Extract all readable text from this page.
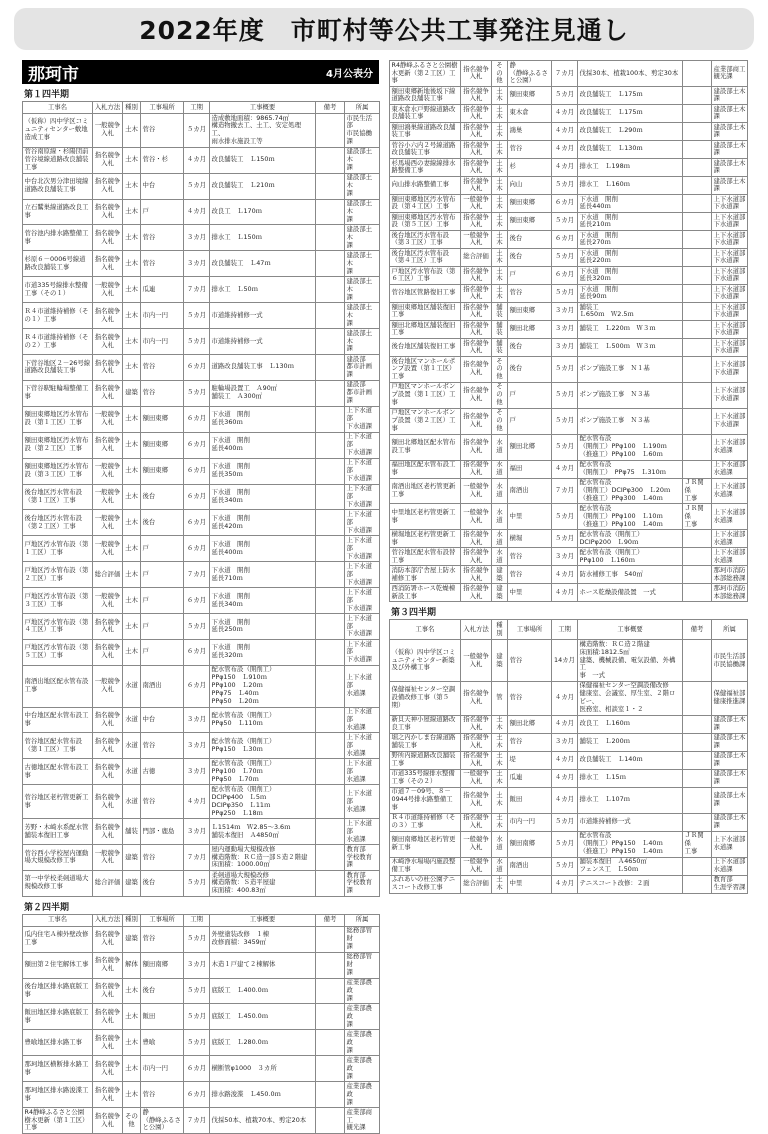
2022年度　市町村等公共工事発注見通し
那珂市	4月公表分
第１四半期
工事名	入札方法	種別	工事場所	工期	工事概要	備考	所属
（仮称）四中学区コミュニティセンター敷地造成工事	一般競争
入札	土木	菅谷	５カ月	造成敷地面積：9865.74㎡
構造物撤去工、土工、安定処理工、
雨水排水施設工等		市民生活部
市民協働課
菅谷南原線・杉陽団前菅谷境線道路改良舗装工事	指名競争
入札	土木	菅谷・杉	４カ月	改良舗装工　Ｌ150ｍ		建設部土木
課
中台北次男分津田境線道路改良舗装工事	指名競争
入札	土木	中台	５カ月	改良舗装工　Ｌ210ｍ		建設部土木
課
立石鷲巣線道路改良工事	指名競争
入札	土木	戸	４カ月	改良工　Ｌ170ｍ		建設部土木
課
菅谷池内排水路整備工事	指名競争
入札	土木	菅谷	３カ月	排水工　Ｌ150ｍ		建設部土木
課
杉原６－0006号線道路改良舗装工事	指名競争
入札	土木	菅谷	３カ月	改良舗装工　Ｌ47ｍ		建設部土木
課
市道335号線排水整備工事（その１）	一般競争
入札	土木	瓜連	７カ月	排水工　Ｌ50ｍ		建設部土木
課
Ｒ４市道維持補修（その１）工事	指名競争
入札	土木	市内一円	５カ月	市道維持補修一式		建設部土木
課
Ｒ４市道維持補修（その２）工事	指名競争
入札	土木	市内一円	５カ月	市道維持補修一式		建設部土木
課
下菅谷地区２－26号線道路改良舗装工事	指名競争
入札	土木	菅谷	６カ月	道路改良舗装工事　Ｌ130ｍ		建設部
都市計画課
下菅谷駅駐輪場整備工事	指名競争
入札	建築	菅谷	５カ月	駐輪場設置工　Ａ90㎡
舗装工　Ａ300㎡		建設部
都市計画課
額田東郷地区汚水管布設（第１工区）工事	一般競争
入札	土木	額田東郷	６カ月	下水道　開削
延長360ｍ		上下水道部
下水道課
額田東郷地区汚水管布設（第２工区）工事	指名競争
入札	土木	額田東郷	６カ月	下水道　開削
延長400ｍ		上下水道部
下水道課
額田東郷地区汚水管布設（第３工区）工事	一般競争
入札	土木	額田東郷	６カ月	下水道　開削
延長350ｍ		上下水道部
下水道課
後台地区汚水管布設（第１工区）工事	一般競争
入札	土木	後台	６カ月	下水道　開削
延長340ｍ		上下水道部
下水道課
後台地区汚水管布設（第２工区）工事	一般競争
入札	土木	後台	６カ月	下水道　開削
延長420ｍ		上下水道部
下水道課
戸地区汚水管布設（第１工区）工事	一般競争
入札	土木	戸	６カ月	下水道　開削
延長400ｍ		上下水道部
下水道課
戸地区汚水管布設（第２工区）工事	総合評価	土木	戸	７カ月	下水道　開削
延長710ｍ		上下水道部
下水道課
戸地区汚水管布設（第３工区）工事	一般競争
入札	土木	戸	６カ月	下水道　開削
延長340ｍ		上下水道部
下水道課
戸地区汚水管布設（第４工区）工事	指名競争
入札	土木	戸	５カ月	下水道　開削
延長250ｍ		上下水道部
下水道課
戸地区汚水管布設（第５工区）工事	指名競争
入札	土木	戸	６カ月	下水道　開削
延長320ｍ		上下水道部
下水道課
南酒出地区配水管布設工事	一般競争
入札	水道	南酒出	６カ月	配水管布設（開削工）
PPφ150　Ｌ910ｍ
PPφ100　Ｌ20ｍ
PPφ75　Ｌ40ｍ
PPφ50　Ｌ20ｍ		上下水道部
水道課
中台地区配水管布設工事	指名競争
入札	水道	中台	３カ月	配水管布設（開削工）
PPφ50　Ｌ110ｍ		上下水道部
水道課
菅谷地区配水管布設（第１工区）工事	指名競争
入札	水道	菅谷	３カ月	配水管布設（開削工）
PPφ150　Ｌ30ｍ		上下水道部
水道課
古徳地区配水管布設工事	指名競争
入札	水道	古徳	３カ月	配水管布設（開削工）
PPφ100　Ｌ70ｍ
PPφ50　Ｌ70ｍ		上下水道部
水道課
菅谷地区老朽管更新工事	指名競争
入札	水道	菅谷	４カ月	配水管布設（開削工）
DCIPφ400　Ｌ5ｍ
DCIPφ350　Ｌ11ｍ
PPφ250　Ｌ18ｍ		上下水道部
水道課
芳野・木崎水系配水管舗装本復旧工事	指名競争
入札	舗装	門部・鹿島	３カ月	Ｌ1514ｍ　Ｗ2.85～3.6ｍ
舗装本復旧　Ａ4850㎡		上下水道部
水道課
菅谷西小学校屋内運動場大規模改修工事	一般競争
入札	建築	菅谷	７カ月	屋内運動場大規模改修
構造階数：ＲＣ造一部Ｓ造２階建
床面積：1000.00㎡		教育部
学校教育課
第一中学校柔剣道場大規模改修工事	総合評価	建築	後台	５カ月	柔剣道場大規模改修
構造階数：Ｓ造平屋建
床面積：400.83㎡		教育部
学校教育課
第２四半期
工事名	入札方法	種別	工事場所	工期	工事概要	備考	所属
瓜内住宅Ａ棟外壁改修工事	指名競争
入札	建築	菅谷	５カ月	外壁塗装改修　１棟
改修面積：3459㎡		総務部管財
課
額田第２住宅解体工事	指名競争
入札	解体	額田南郷	３カ月	木造１戸建て２棟解体		総務部管財
課
後台地区排水路底版工事	指名競争
入札	土木	後台	５カ月	底版工　Ｌ400.0ｍ		産業部農政
課
飯田地区排水路底版工事	指名競争
入札	土木	飯田	５カ月	底版工　Ｌ450.0ｍ		産業部農政
課
豊喰地区排水路工事	指名競争
入札	土木	豊喰	５カ月	底版工　Ｌ280.0ｍ		産業部農政
課
那珂地区横断排水路工事	指名競争
入札	土木	市内一円	６カ月	横断管φ1000　３カ所		産業部農政
課
那珂地区排水路浚渫工事	指名競争
入札	土木	菅谷	６カ月	排水路浚渫　Ｌ450.0ｍ		産業部農政
課
R4静峰ふるさと公園樹木更新（第１工区）工事	指名競争
入札	その
他	静
（静峰ふるさと公園）	７カ月	伐採50本、植栽70本、剪定20本		産業部商工
観光課
R4静峰ふるさと公園樹木更新（第２工区）工事	指名競争
入札	その
他	静
（静峰ふるさと公園）	７カ月	伐採30本、植栽100本、剪定30本		産業部商工
観光課
額田東郷新地後坂下線道路改良舗装工事	指名競争
入札	土木	額田東郷	５カ月	改良舗装工　Ｌ175ｍ		建設部土木
課
東木倉水戸野線道路改良舗装工事	指名競争
入札	土木	東木倉	４カ月	改良舗装工　Ｌ175ｍ		建設部土木
課
額田鴻巣線道路改良舗装工事	指名競争
入札	土木	鴻巣	４カ月	改良舗装工　Ｌ290ｍ		建設部土木
課
菅谷小六内２号線道路改良舗装工事	指名競争
入札	土木	菅谷	４カ月	改良舗装工　Ｌ130ｍ		建設部土木
課
杉馬場西の妻線線排水路整備工事	指名競争
入札	土木	杉	４カ月	排水工　Ｌ198ｍ		建設部土木
課
向山排水路整備工事	指名競争
入札	土木	向山	５カ月	排水工　Ｌ160ｍ		建設部土木
課
額田東郷地区汚水管布設（第４工区）工事	一般競争
入札	土木	額田東郷	６カ月	下水道　開削
延長440ｍ		上下水道部
下水道課
額田東郷地区汚水管布設（第５工区）工事	指名競争
入札	土木	額田東郷	５カ月	下水道　開削
延長210ｍ		上下水道部
下水道課
後台地区汚水管布設（第３工区）工事	一般競争
入札	土木	後台	６カ月	下水道　開削
延長270ｍ		上下水道部
下水道課
後台地区汚水管布設（第４工区）工事	総合評価	土木	後台	５カ月	下水道　開削
延長220ｍ		上下水道部
下水道課
戸地区汚水管布設（第６工区）工事	指名競争
入札	土木	戸	６カ月	下水道　開削
延長320ｍ		上下水道部
下水道課
菅谷地区管路復旧工事	指名競争
入札	土木	菅谷	５カ月	下水道　開削
延長90ｍ		上下水道部
下水道課
額田東郷地区舗装復旧工事	指名競争
入札	舗装	額田東郷	３カ月	舗装工
Ｌ650ｍ　Ｗ2.5ｍ		上下水道部
下水道課
額田北郷地区舗装復旧工事	指名競争
入札	舗装	額田北郷	３カ月	舗装工　Ｌ220ｍ　Ｗ３ｍ		上下水道部
下水道課
後台地区舗装復旧工事	指名競争
入札	舗装	後台	３カ月	舗装工　Ｌ500ｍ　Ｗ３ｍ		上下水道部
下水道課
後台地区マンホールポンプ設置（第１工区）工事	指名競争
入札	その
他	後台	５カ月	ポンプ施設工事　Ｎ１基		上下水道部
下水道課
戸地区マンホールポンプ設置（第１工区）工事	指名競争
入札	その
他	戸	５カ月	ポンプ施設工事　Ｎ３基		上下水道部
下水道課
戸地区マンホールポンプ設置（第２工区）工事	指名競争
入札	その
他	戸	５カ月	ポンプ施設工事　Ｎ３基		上下水道部
下水道課
額田北郷地区配水管布設工事	指名競争
入札	水道	額田北郷	５カ月	配水管布設
（開削工）PPφ100　Ｌ190ｍ
（推進工）PPφ100　Ｌ60ｍ		上下水道部
水道課
福田地区配水管布設工事	指名競争
入札	水道	福田	４カ月	配水管布設
（開削工）　PPφ75　Ｌ310ｍ		上下水道部
水道課
南酒出地区老朽管更新工事	一般競争
入札	水道	南酒出	７カ月	配水管布設
（開削工）DCIPφ300　Ｌ20ｍ
（推進工）PPφ300　Ｌ40ｍ	ＪＲ関係
工事	上下水道部
水道課
中里地区老朽管更新工事	一般競争
入札	水道	中里	５カ月	配水管布設
（開削工）PPφ100　Ｌ10ｍ
（推進工）PPφ100　Ｌ40ｍ	ＪＲ関係
工事	上下水道部
水道課
横堀地区老朽管更新工事	指名競争
入札	水道	横堀	５カ月	配水管布設（開削工）
DCIPφ200　Ｌ90ｍ		上下水道部
水道課
菅谷地区配水管布設替工事	指名競争
入札	水道	菅谷	３カ月	配水管布設（開削工）
PPφ100　Ｌ160ｍ		上下水道部
水道課
消防本部庁舎屋上防水補修工事	指名競争
入札	建築	菅谷	４カ月	防水補修工事　540㎡		那珂市消防
本部総務課
西消防署ホース乾燥棟新設工事	指名競争
入札	建築	中里	４カ月	ホース乾燥設備設置　一式		那珂市消防
本部総務課
第３四半期
工事名	入札方法	種別	工事場所	工期	工事概要	備考	所属
（仮称）四中学区コミュニティセンター新築及び外構工事	一般競争
入札	建築	菅谷	14カ月	構造階数：ＲＣ造２階建
床面積:1812.5㎡
建築、機械設備、電気設備、外構工
事　一式		市民生活部
市民協働課
保健福祉センター空調設備改修工事（第５期）	指名競争
入札	管	菅谷	４カ月	保健福祉センター空調設備改修
健康室、会議室、厚生室、２階ロビー、
医務室、相談室１・２		保健福祉部
健康推進課
新貝天神小屋線道路改良工事	指名競争
入札	土木	額田北郷	４カ月	改良工　Ｌ160ｍ		建設部土木
課
堀之内かしま台線道路舗装工事	指名競争
入札	土木	菅谷	３カ月	舗装工　Ｌ200ｍ		建設部土木
課
野所内線道路改良舗装工事	指名競争
入札	土木	堤	４カ月	改良舗装工　Ｌ140ｍ		建設部土木
課
市道335号線排水整備工事（その２）	一般競争
入札	土木	瓜連	４カ月	排水工　Ｌ15ｍ		建設部土木
課
市道７－09号、８－0944号排水路整備工事	指名競争
入札	土木	飯田	４カ月	排水工　Ｌ107ｍ		建設部土木
課
Ｒ４市道維持補修（その３）工事	指名競争
入札	土木	市内一円	５カ月	市道維持補修一式		建設部土木
課
額田南郷地区老朽管更新工事	一般競争
入札	水道	額田南郷	５カ月	配水管布設
（開削工）PPφ150　Ｌ40ｍ
（推進工）PPφ150　Ｌ40ｍ	ＪＲ関係
工事	上下水道部
水道課
木崎浄水場場内施設整備工事	一般競争
入札	水道	南酒出	５カ月	舗装本復旧　Ａ4650㎡
フェンス工　Ｌ50ｍ		上下水道部
水道課
ふれあいの杜公園テニスコート改修工事	総合評価	土木	中里	４カ月	テニスコート改修：２面		教育部
生涯学習課
